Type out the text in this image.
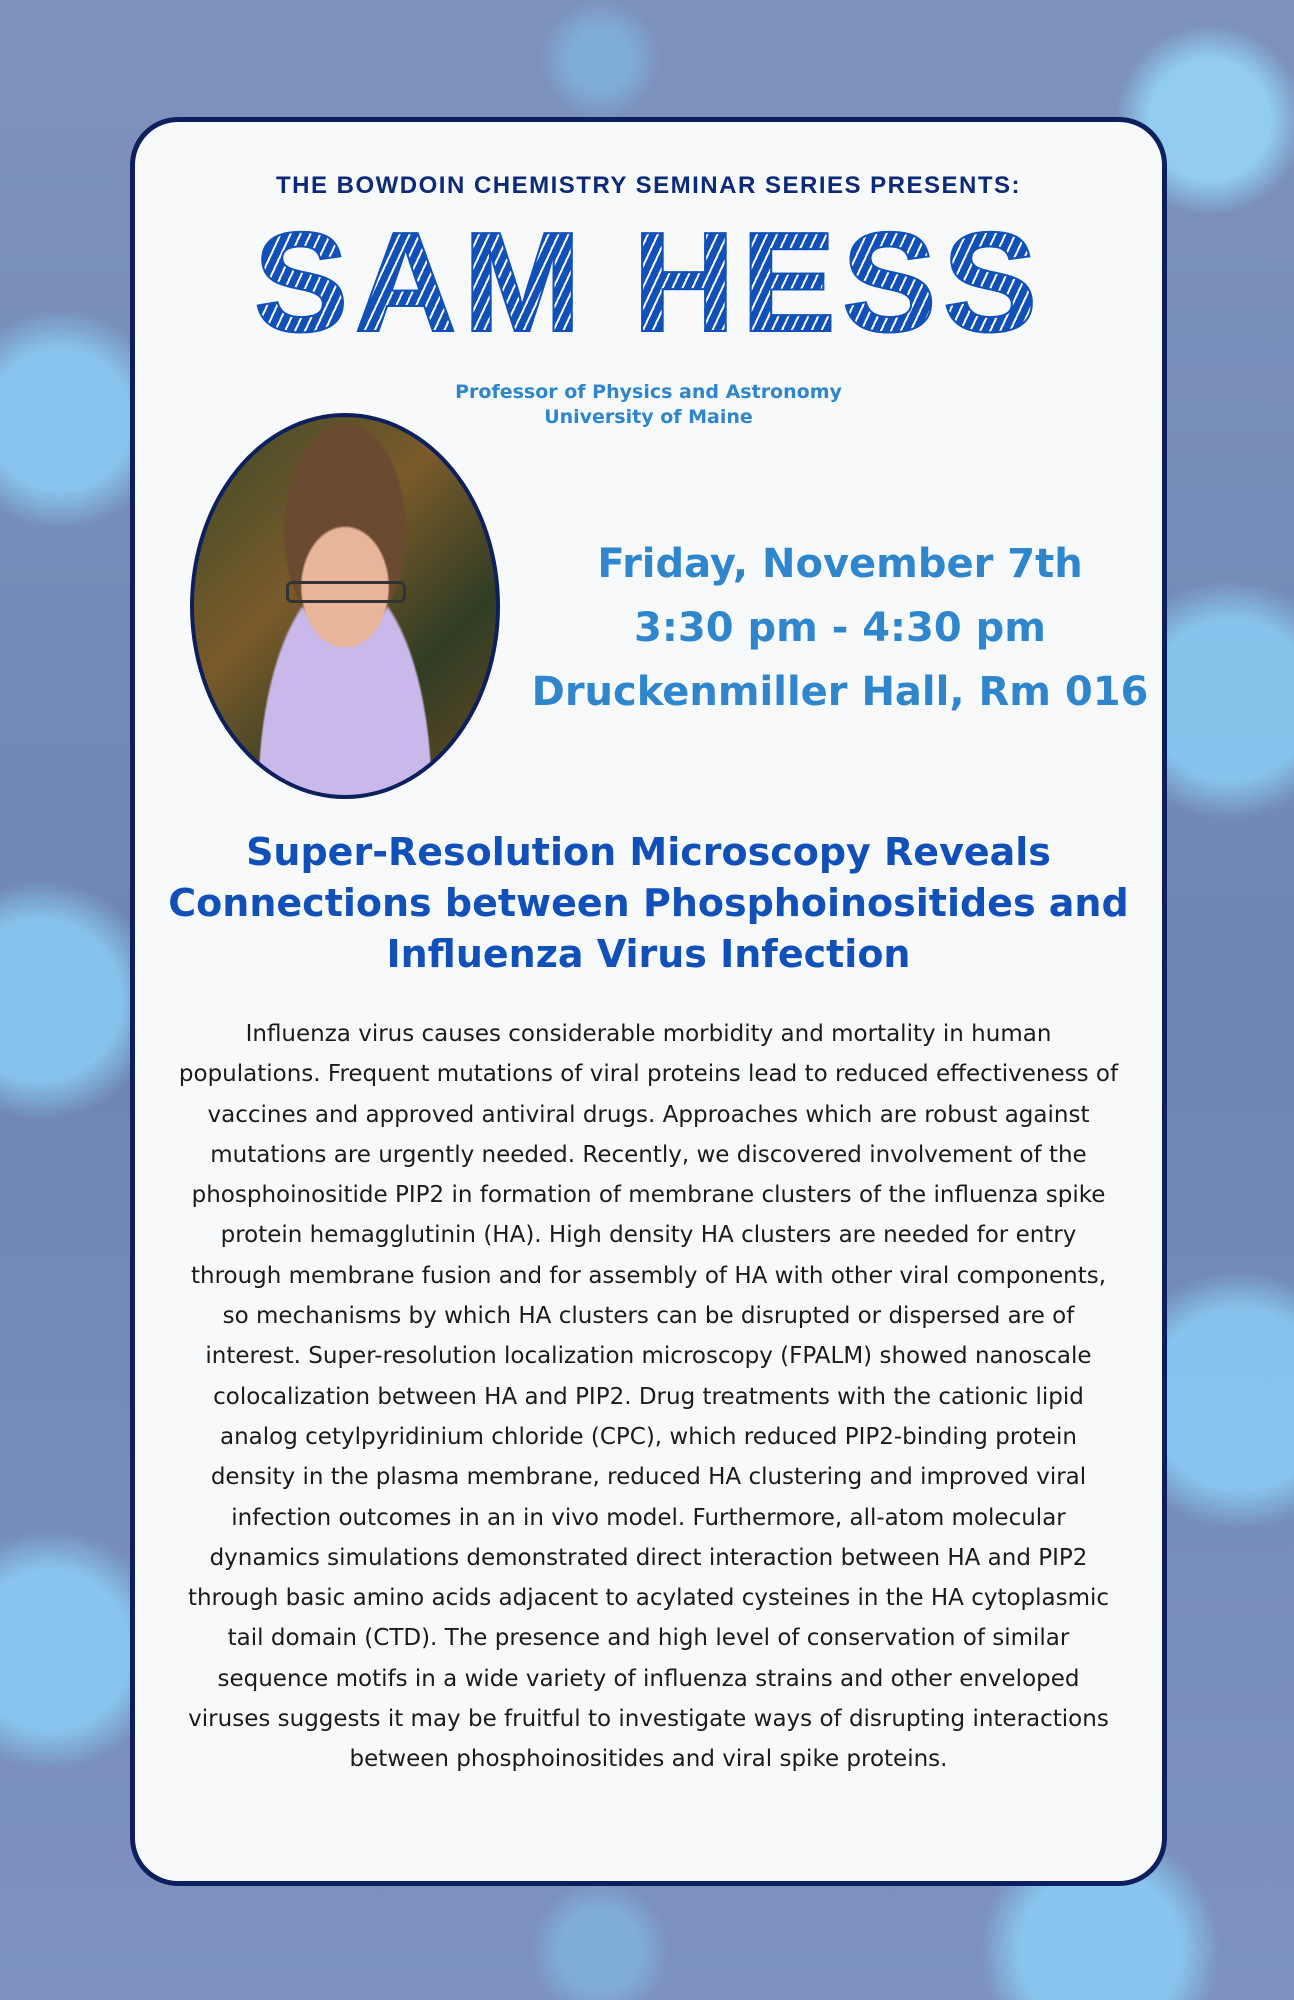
THE BOWDOIN CHEMISTRY SEMINAR SERIES PRESENTS:
SAM HESS
Professor of Physics and Astronomy
University of Maine
Friday, November 7th
3:30 pm - 4:30 pm
Druckenmiller Hall, Rm 016
Super-Resolution Microscopy Reveals Connections between Phosphoinositides and Influenza Virus Infection
Influenza virus causes considerable morbidity and mortality in human populations. Frequent mutations of viral proteins lead to reduced effectiveness of vaccines and approved antiviral drugs. Approaches which are robust against mutations are urgently needed. Recently, we discovered involvement of the phosphoinositide PIP2 in formation of membrane clusters of the influenza spike protein hemagglutinin (HA). High density HA clusters are needed for entry through membrane fusion and for assembly of HA with other viral components, so mechanisms by which HA clusters can be disrupted or dispersed are of interest. Super-resolution localization microscopy (FPALM) showed nanoscale colocalization between HA and PIP2. Drug treatments with the cationic lipid analog cetylpyridinium chloride (CPC), which reduced PIP2-binding protein density in the plasma membrane, reduced HA clustering and improved viral infection outcomes in an in vivo model. Furthermore, all-atom molecular dynamics simulations demonstrated direct interaction between HA and PIP2 through basic amino acids adjacent to acylated cysteines in the HA cytoplasmic tail domain (CTD). The presence and high level of conservation of similar sequence motifs in a wide variety of influenza strains and other enveloped viruses suggests it may be fruitful to investigate ways of disrupting interactions between phosphoinositides and viral spike proteins.
